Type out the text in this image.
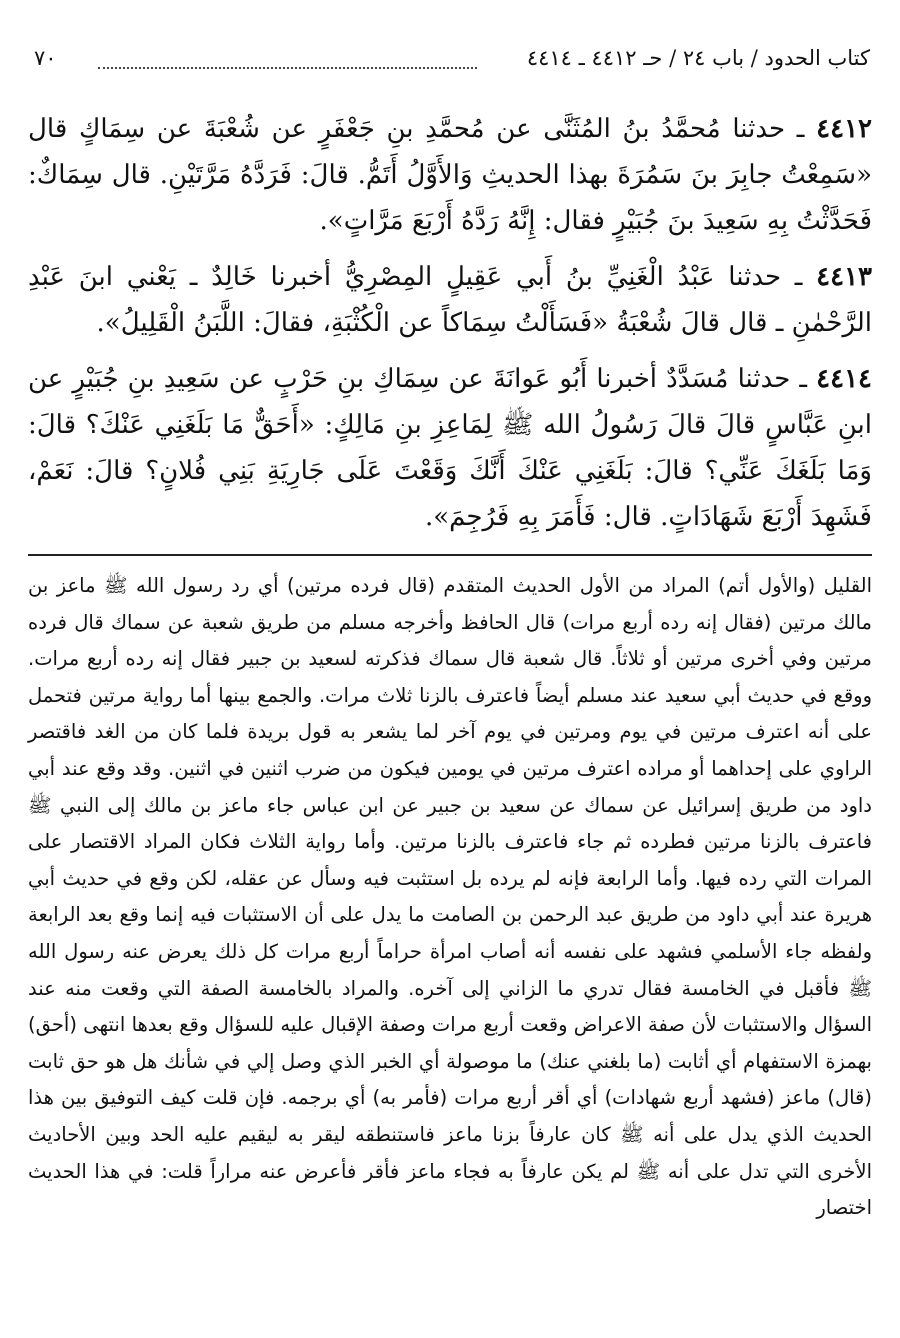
كتاب الحدود / باب ٢٤ / حـ ٤٤١٢ ـ ٤٤١٤
٧٠

٤٤١٢ ـ حدثنا مُحمَّدُ بنُ المُثَنَّى عن مُحمَّدِ بنِ جَعْفَرٍ عن شُعْبَةَ عن سِمَاكٍ قال «سَمِعْتُ جابِرَ بنَ سَمُرَةَ بهذا الحديثِ وَالأَوَّلُ أَتَمُّ. قالَ: فَرَدَّهُ مَرَّتَيْنِ. قال سِمَاكٌ: فَحَدَّثْتُ بِهِ سَعِيدَ بنَ جُبَيْرٍ فقال: إِنَّهُ رَدَّهُ أَرْبَعَ مَرَّاتٍ».

٤٤١٣ ـ حدثنا عَبْدُ الْغَنِيِّ بنُ أَبي عَقِيلٍ المِصْرِيُّ أخبرنا خَالِدٌ ـ يَعْني ابنَ عَبْدِ الرَّحْمٰنِ ـ قال قالَ شُعْبَةُ «فَسَأَلْتُ سِمَاكاً عن الْكُثْبَةِ، فقالَ: اللَّبَنُ الْقَلِيلُ».

٤٤١٤ ـ حدثنا مُسَدَّدٌ أخبرنا أَبُو عَوانَةَ عن سِمَاكِ بنِ حَرْبٍ عن سَعِيدِ بنِ جُبَيْرٍ عن ابنِ عَبَّاسٍ قالَ قالَ رَسُولُ الله ﷺ لِمَاعِزِ بنِ مَالِكٍ: «أَحَقٌّ مَا بَلَغَنِي عَنْكَ؟ قالَ: وَمَا بَلَغَكَ عَنِّي؟ قالَ: بَلَغَنِي عَنْكَ أَنَّكَ وَقَعْتَ عَلَى جَارِيَةِ بَنِي فُلانٍ؟ قالَ: نَعَمْ، فَشَهِدَ أَرْبَعَ شَهَادَاتٍ. قال: فَأَمَرَ بِهِ فَرُجِمَ».

القليل (والأول أتم) المراد من الأول الحديث المتقدم (قال فرده مرتين) أي رد رسول الله ﷺ ماعز بن مالك مرتين (فقال إنه رده أربع مرات) قال الحافظ وأخرجه مسلم من طريق شعبة عن سماك قال فرده مرتين وفي أخرى مرتين أو ثلاثاً. قال شعبة قال سماك فذكرته لسعيد بن جبير فقال إنه رده أربع مرات. ووقع في حديث أبي سعيد عند مسلم أيضاً فاعترف بالزنا ثلاث مرات. والجمع بينها أما رواية مرتين فتحمل على أنه اعترف مرتين في يوم ومرتين في يوم آخر لما يشعر به قول بريدة فلما كان من الغد فاقتصر الراوي على إحداهما أو مراده اعترف مرتين في يومين فيكون من ضرب اثنين في اثنين. وقد وقع عند أبي داود من طريق إسرائيل عن سماك عن سعيد بن جبير عن ابن عباس جاء ماعز بن مالك إلى النبي ﷺ فاعترف بالزنا مرتين فطرده ثم جاء فاعترف بالزنا مرتين. وأما رواية الثلاث فكان المراد الاقتصار على المرات التي رده فيها. وأما الرابعة فإنه لم يرده بل استثبت فيه وسأل عن عقله، لكن وقع في حديث أبي هريرة عند أبي داود من طريق عبد الرحمن بن الصامت ما يدل على أن الاستثبات فيه إنما وقع بعد الرابعة ولفظه جاء الأسلمي فشهد على نفسه أنه أصاب امرأة حراماً أربع مرات كل ذلك يعرض عنه رسول الله ﷺ فأقبل في الخامسة فقال تدري ما الزاني إلى آخره. والمراد بالخامسة الصفة التي وقعت منه عند السؤال والاستثبات لأن صفة الاعراض وقعت أربع مرات وصفة الإقبال عليه للسؤال وقع بعدها انتهى (أحق) بهمزة الاستفهام أي أثابت (ما بلغني عنك) ما موصولة أي الخبر الذي وصل إلي في شأنك هل هو حق ثابت (قال) ماعز (فشهد أربع شهادات) أي أقر أربع مرات (فأمر به) أي برجمه. فإن قلت كيف التوفيق بين هذا الحديث الذي يدل على أنه ﷺ كان عارفاً بزنا ماعز فاستنطقه ليقر به ليقيم عليه الحد وبين الأحاديث الأخرى التي تدل على أنه ﷺ لم يكن عارفاً به فجاء ماعز فأقر فأعرض عنه مراراً قلت: في هذا الحديث اختصار
